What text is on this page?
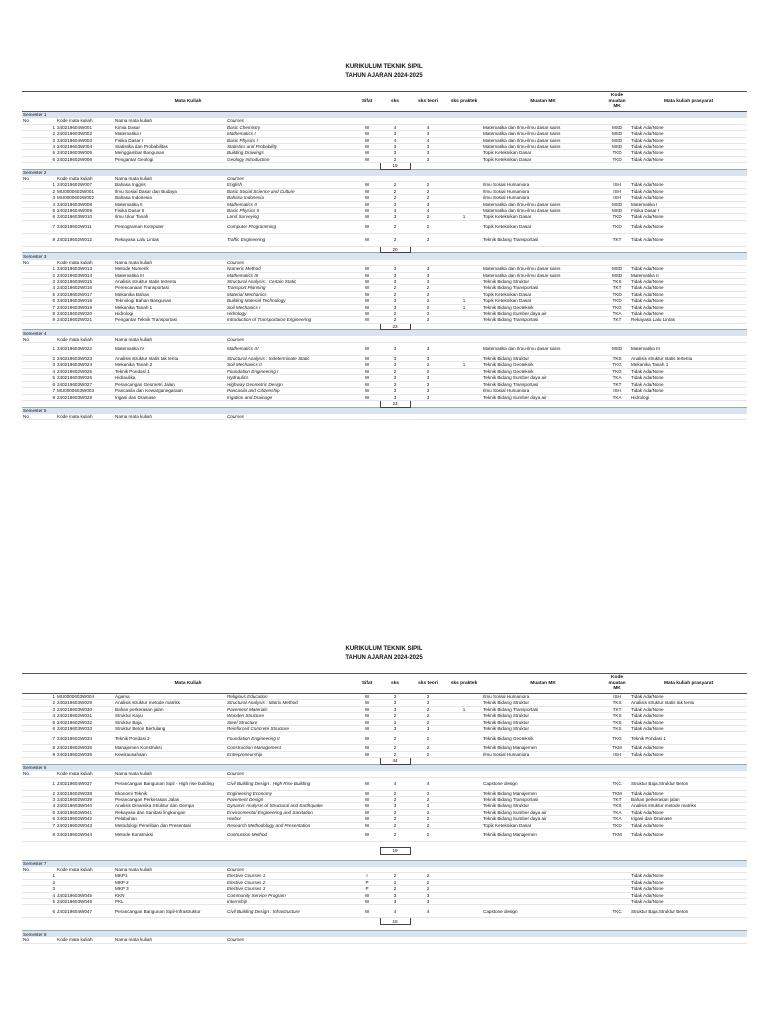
KURIKULUM TEKNIK SIPIL
TAHUN AJARAN 2024-2025
Mata Kuliah				Sifat	sks	sks teori	sks praktek	Muatan MK	Kode muatan MK	Mata kuliah prasyarat
Semester 1										
No	Kode mata kuliah	Nama mata kuliah	Courses							
1	240219604W001	Kimia Dasar	Basic Chemistry	W	4	4		Matematika dan Ilmu-ilmu dasar sains	MSD	Tidak Ada/None
2	240219603W002	Matematika I	Mathematics I	W	3	3		Matematika dan Ilmu-ilmu dasar sains	MSD	Tidak Ada/None
3	240219604W003	Fisika Dasar I	Basic Physics I	W	4	4		Matematika dan Ilmu-ilmu dasar sains	MSD	Tidak Ada/None
4	240219603W004	Statistika dan Probabilitas	Statistics and Probability	W	3	3		Matematika dan Ilmu-ilmu dasar sains	MSD	Tidak Ada/None
5	240219603W005	Menggambar Bangunan	Building Drawings	W	3	3		Topik Keteknikan Dasar	TKD	Tidak Ada/None
6	240219602W006	Pengantar Geologi	Geology Introduction	W	2	2		Topik Keteknikan Dasar	TKD	Tidak Ada/None
					19					
Semester 2										
No	Kode mata kuliah	Nama mata kuliah	Courses							
1	240219602W007	Bahasa Inggris	English	W	2	2		Ilmu Sosial Humaniora	ISH	Tidak Ada/None
2	MU0000602W001	Ilmu Sosial Dasar dan Budaya	Basic Social Science and Culture	W	2	2		Ilmu Sosial Humaniora	ISH	Tidak Ada/None
3	MU0000602W002	Bahasa Indonesia	Bahasa Indonesia	W	2	2		Ilmu Sosial Humaniora	ISH	Tidak Ada/None
4	240219603W008	Matematika II	Mathematics II	W	3	3		Matematika dan Ilmu-ilmu dasar sains	MSD	Matematika I
5	240219604W009	Fisika Dasar II	Basic Physics II	W	4	4		Matematika dan Ilmu-ilmu dasar sains	MSD	Fisika Dasar I
6	240219603W010	Ilmu Ukur Tanah	Land Surveying	W	3	2	1	Topik Keteknikan Dasar	TKD	Tidak Ada/None
7	240219602W011	Pemograman Komputer	Computer Programming	W	2	2		Topik Keteknikan Dasar	TKD	Tidak Ada/None
8	240219602W012	Rekayasa Lalu Lintas	Traffic Engineering	W	2	2		Teknik Bidang Transportasi	TKT	Tidak Ada/None
					20					
Semester 3										
No	Kode mata kuliah	Nama mata kuliah	Courses							
1	240219603W013	Metode Numerik	Numeric Method	W	3	3		Matematika dan Ilmu-ilmu dasar sains	MSD	Tidak Ada/None
2	240219603W014	Matematika III	Mathematics III	W	3	3		Matematika dan Ilmu-ilmu dasar sains	MSD	Matematika II
3	240219603W015	Analisis struktur statis tertentu	Structural Analysis : Certain Static	W	3	3		Teknik Bidang Struktur	TKS	Tidak Ada/None
4	240219602W016	Perencanaan Transportasi	Transport Planning	W	2	2		Teknik Bidang Transportasi	TKT	Tidak Ada/None
5	240219602W017	Mekanika Bahan	Material Mechanics	W	2	2		Topik Keteknikan Dasar	TKD	Tidak Ada/None
6	240219603W018	Teknologi Bahan Bangunan	Building Material Technology	W	3	2	1	Topik Keteknikan Dasar	TKD	Tidak Ada/None
7	240219603W019	Mekanika Tanah 1	Soil Mechanics I	W	3	2	1	Teknik Bidang Geoteknik	TKG	Tidak Ada/None
8	240219602W020	Hidrologi	Hidrology	W	2	2		Teknik Bidang Sumber daya air	TKA	Tidak Ada/None
9	240219602W021	Pengantar Teknik Transportasi	Introduction of Transportaion Engineering	W	2	2		Teknik Bidang Transportasi	TKT	Rekayasa Lalu Lintas
					23					
Semester 4										
No	Kode mata kuliah	Nama mata kuliah	Courses							
1	240219603W022	Matematika IV	Mathematics IV	W	3	3		Matematika dan Ilmu-ilmu dasar sains	MSD	Matematika III
2	240219603W023	Analisis struktur statis tak tentu	Structural Analysis : Indeterminate Static	W	3	3		Teknik Bidang Struktur	TKS	Analisis struktur statis tertentu
3	240219603W024	Mekanika Tanah 2	Soil Mechanics II	W	3	2	1	Teknik Bidang Geoteknik	TKG	Mekanika Tanah 1
4	240219602W025	Teknik Pondasi 1	Foundation Engineering I	W	2	2		Teknik Bidang Geoteknik	TKG	Tidak Ada/None
5	240219603W026	Hidraulika	Hydraulics	W	3	3		Teknik Bidang Sumber daya air	TKA	Tidak Ada/None
6	240219603W027	Perancangan Geometri Jalan	Highway Geometric Design	W	3	3		Teknik Bidang Transportasi	TKT	Tidak Ada/None
7	MU0000603W003	Pancasila dan Kewarganegaraan	Pancasila and Citizenship	W	3	3		Ilmu Sosial Humaniora	ISH	Tidak Ada/None
8	240219603W028	Irigasi dan Drainase	Irigation and Drainage	W	3	3		Teknik Bidang Sumber daya air	TKA	Hidrologi
					23					
Semester 5										
No	Kode mata kuliah	Nama mata kuliah	Courses							
KURIKULUM TEKNIK SIPIL
TAHUN AJARAN 2024-2025
Mata Kuliah				Sifat	sks	sks teori	sks praktek	Muatan MK	Kode muatan MK	Mata kuliah prasyarat
1	MU0000603W004	Agama	Religious Education	W	3	3		Ilmu Sosial Humaniora	ISH	Tidak Ada/None
2	240219603W029	Analisis struktur metode matriks	Structural Analysis : Matrix Method	W	3	3		Teknik Bidang Struktur	TKS	Analisis struktur statis tak tentu
3	240219603W030	Bahan perkerasan jalan	Pavement Materials	W	3	2	1	Teknik Bidang Transportasi	TKT	Tidak Ada/None
4	240219602W031	Struktur Kayu	Wooden Structure	W	2	2		Teknik Bidang Struktur	TKS	Tidak Ada/None
5	240219602W032	Struktur Baja	Steel Structure	W	2	2		Teknik Bidang Struktur	TKS	Tidak Ada/None
6	240219603W033	Struktur Beton Bertulang	Reinforced Concrete Structure	W	3	3		Teknik Bidang Struktur	TKS	Tidak Ada/None
7	240219602W034	Teknik Pondasi 2	Foundation Engineering II	W	2	2		Teknik Bidang Geoteknik	TKG	Teknik Pondasi 1
8	240219602W035	Manajemen Konstruksi	Construction Management	W	2	2		Teknik Bidang Manajemen	TKM	Tidak Ada/None
9	240219602W036	Kewirausahaan	Entrepreneurship	W	2	2		Ilmu Sosial Humaniora	ISH	Tidak Ada/None
					44					
Semester 6										
No	Kode mata kuliah	Nama mata kuliah	Courses							
1	240219604W037	Perancangan Bangunan Sipil - High rise building	Civil Building Design : High Rise Building	W	4	4		Capstone design	TKC	Struktur Baja;Struktur Beton
2	240219602W038	Ekonomi Teknik	Engineering Economy	W	2	2		Teknik Bidang Manajemen	TKM	Tidak Ada/None
3	240219602W039	Perancangan Perkerasan Jalan	Pavement Design	W	2	2		Teknik Bidang Transportasi	TKT	Bahan perkerasan jalan
4	240219603W040	Analisis Dinamika Struktur dan Gempa	Dynamic Analysis of Structural and Earthquake	W	3	3		Teknik Bidang Struktur	TKS	Analisis struktur metode matriks
5	240219602W041	Rekayasa dan Sanitasi lingkungan	Environmental Engineering and Sanitation	W	2	2		Teknik Bidang Sumber daya air	TKA	Tidak Ada/None
6	240219602W042	Pelabuhan	Harbor	W	2	2		Teknik Bidang Sumber daya air	TKA	Irigasi dan Drainase
7	240219602W043	Metodologi Penelitian dan Presentasi	Research Methodology and Presentation	W	2	2		Topik Keteknikan Dasar	TKD	Tidak Ada/None
8	240219602W044	Metode Konstruksi	Contruction Method	W	2	2		Teknik Bidang Manajemen	TKM	Tidak Ada/None

					19					

Semester 7										
No	Kode mata kuliah	Nama mata kuliah	Courses							
1		MKP1	Elective Courses 1	I	2	2				Tidak Ada/None
2		MKP 2	Elective Courses 2	P	2	2				Tidak Ada/None
3		MKP 3	Elective Courses 3	P	2	2				Tidak Ada/None
4	240219603W045	KKN	Community Service Program	W	3	3				Tidak Ada/None
5	240219603W046	PKL	Internship	W	3	3				Tidak Ada/None
6	240219604W047	Perancangan Bangunan Sipil-Infrastruktur	Civil Building Design : Infrastructure	W	4	4		Capstone design	TKC	Struktur Baja;Struktur Beton
					15					

Semester 8										
No	Kode mata kuliah	Nama mata kuliah	Courses							
